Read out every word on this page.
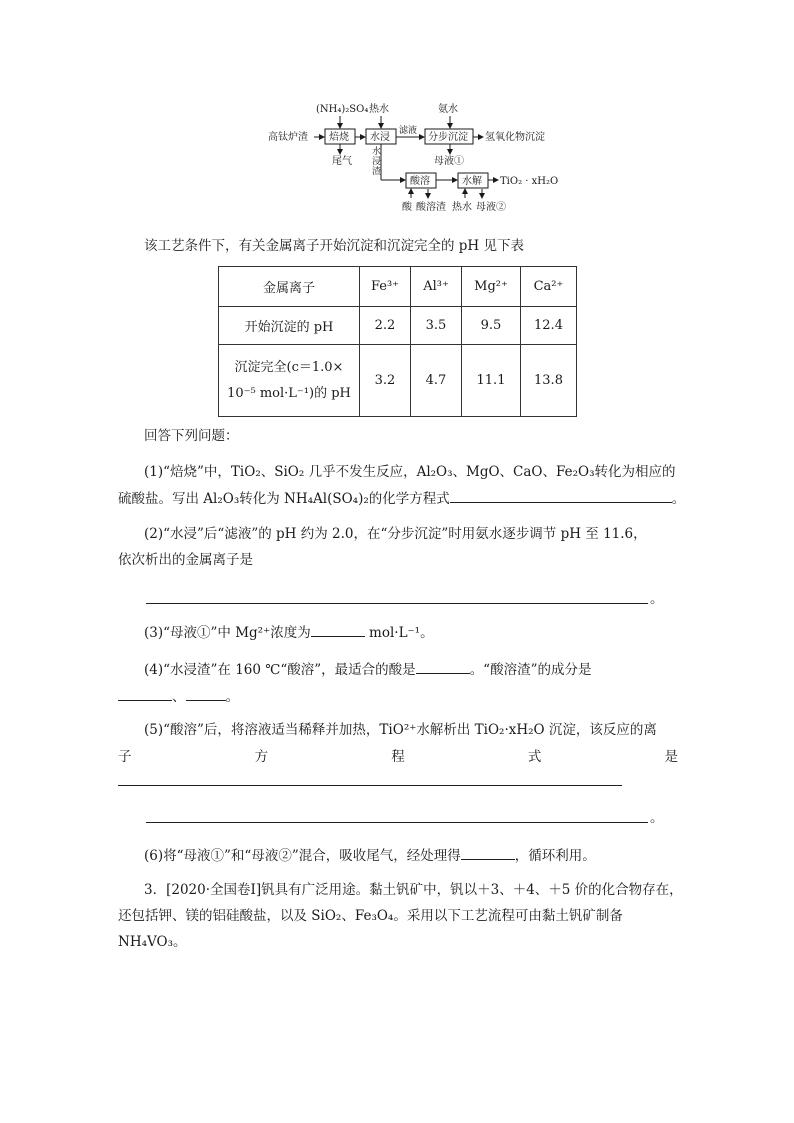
(NH₄)₂SO₄ 热水	氨水
高钛炉渣 焙烧 水浸
滤液
分步沉淀 氢氧化物沉淀
尾气	母液①
水浸渣
酸溶	水解 TiO₂ · xH₂O
酸 酸溶渣 热水 母液②
该工艺条件下，有关金属离子开始沉淀和沉淀完全的 pH 见下表
金属离子	Fe³⁺	Al³⁺	Mg²⁺	Ca²⁺
开始沉淀的 pH	2.2	3.5	9.5	12.4

沉淀完全(c＝1.0×
10⁻⁵ mol·L⁻¹)的 pH	3.2	4.7	11.1	13.8
回答下列问题：
(1)“焙烧”中，TiO₂、SiO₂ 几乎不发生反应，Al₂O₃、MgO、CaO、Fe₂O₃转化为相应的
硫酸盐。写出 Al₂O₃转化为 NH₄Al(SO₄)₂的化学方程式	。
(2)“水浸”后“滤液”的 pH 约为 2.0，在“分步沉淀”时用氨水逐步调节 pH 至 11.6，
依次析出的金属离子是
。
(3)“母液①”中 Mg²⁺浓度为	mol·L⁻¹。
(4)“水浸渣”在 160 ℃“酸溶”，最适合的酸是	。“酸溶渣”的成分是
、	。
(5)“酸溶”后，将溶液适当稀释并加热，TiO²⁺水解析出 TiO₂·xH₂O 沉淀，该反应的离
子	方	程	式	是
。
(6)将“母液①”和“母液②”混合，吸收尾气，经处理得	，循环利用。
3．[2020·全国卷Ⅰ]钒具有广泛用途。黏土钒矿中，钒以＋3、＋4、＋5 价的化合物存在，
还包括钾、镁的铝硅酸盐，以及 SiO₂、Fe₃O₄。采用以下工艺流程可由黏土钒矿制备
NH₄VO₃。
